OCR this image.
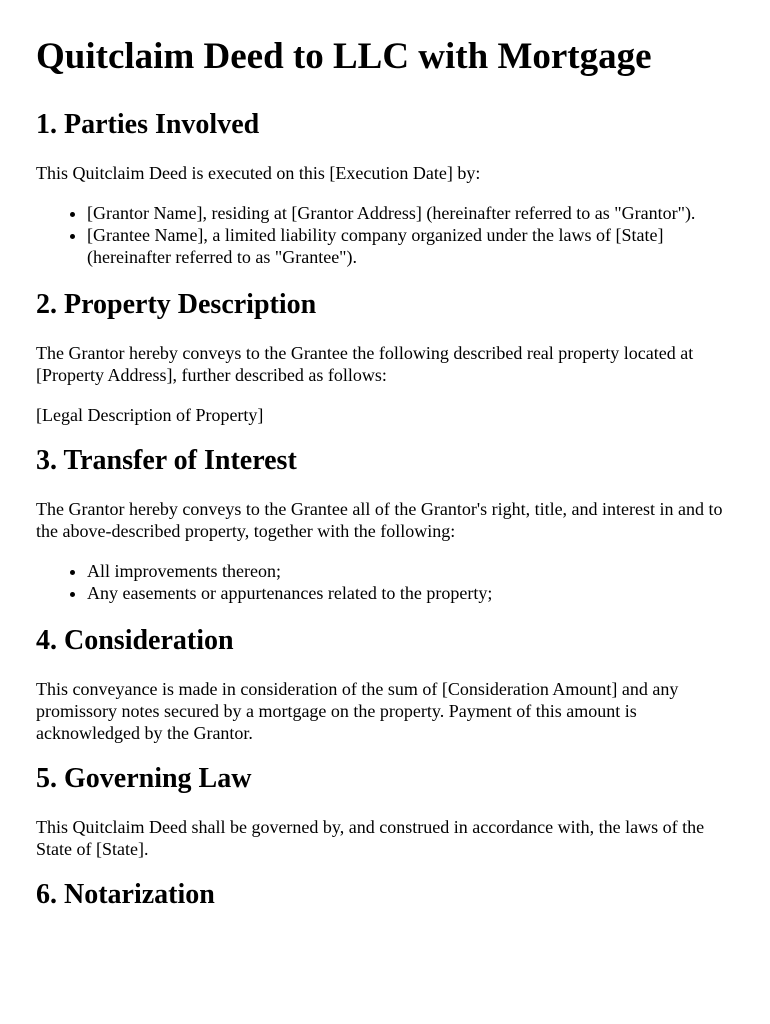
Quitclaim Deed to LLC with Mortgage
1. Parties Involved

This Quitclaim Deed is executed on this [Execution Date] by:

• [Grantor Name], residing at [Grantor Address] (hereinafter referred to as "Grantor").
• [Grantee Name], a limited liability company organized under the laws of [State] (hereinafter referred to as "Grantee").
2. Property Description

The Grantor hereby conveys to the Grantee the following described real property located at [Property Address], further described as follows:

[Legal Description of Property]

3. Transfer of Interest

The Grantor hereby conveys to the Grantee all of the Grantor's right, title, and interest in and to the above-described property, together with the following:

• All improvements thereon;
• Any easements or appurtenances related to the property;
4. Consideration

This conveyance is made in consideration of the sum of [Consideration Amount] and any promissory notes secured by a mortgage on the property. Payment of this amount is acknowledged by the Grantor.

5. Governing Law

This Quitclaim Deed shall be governed by, and construed in accordance with, the laws of the State of [State].

6. Notarization
